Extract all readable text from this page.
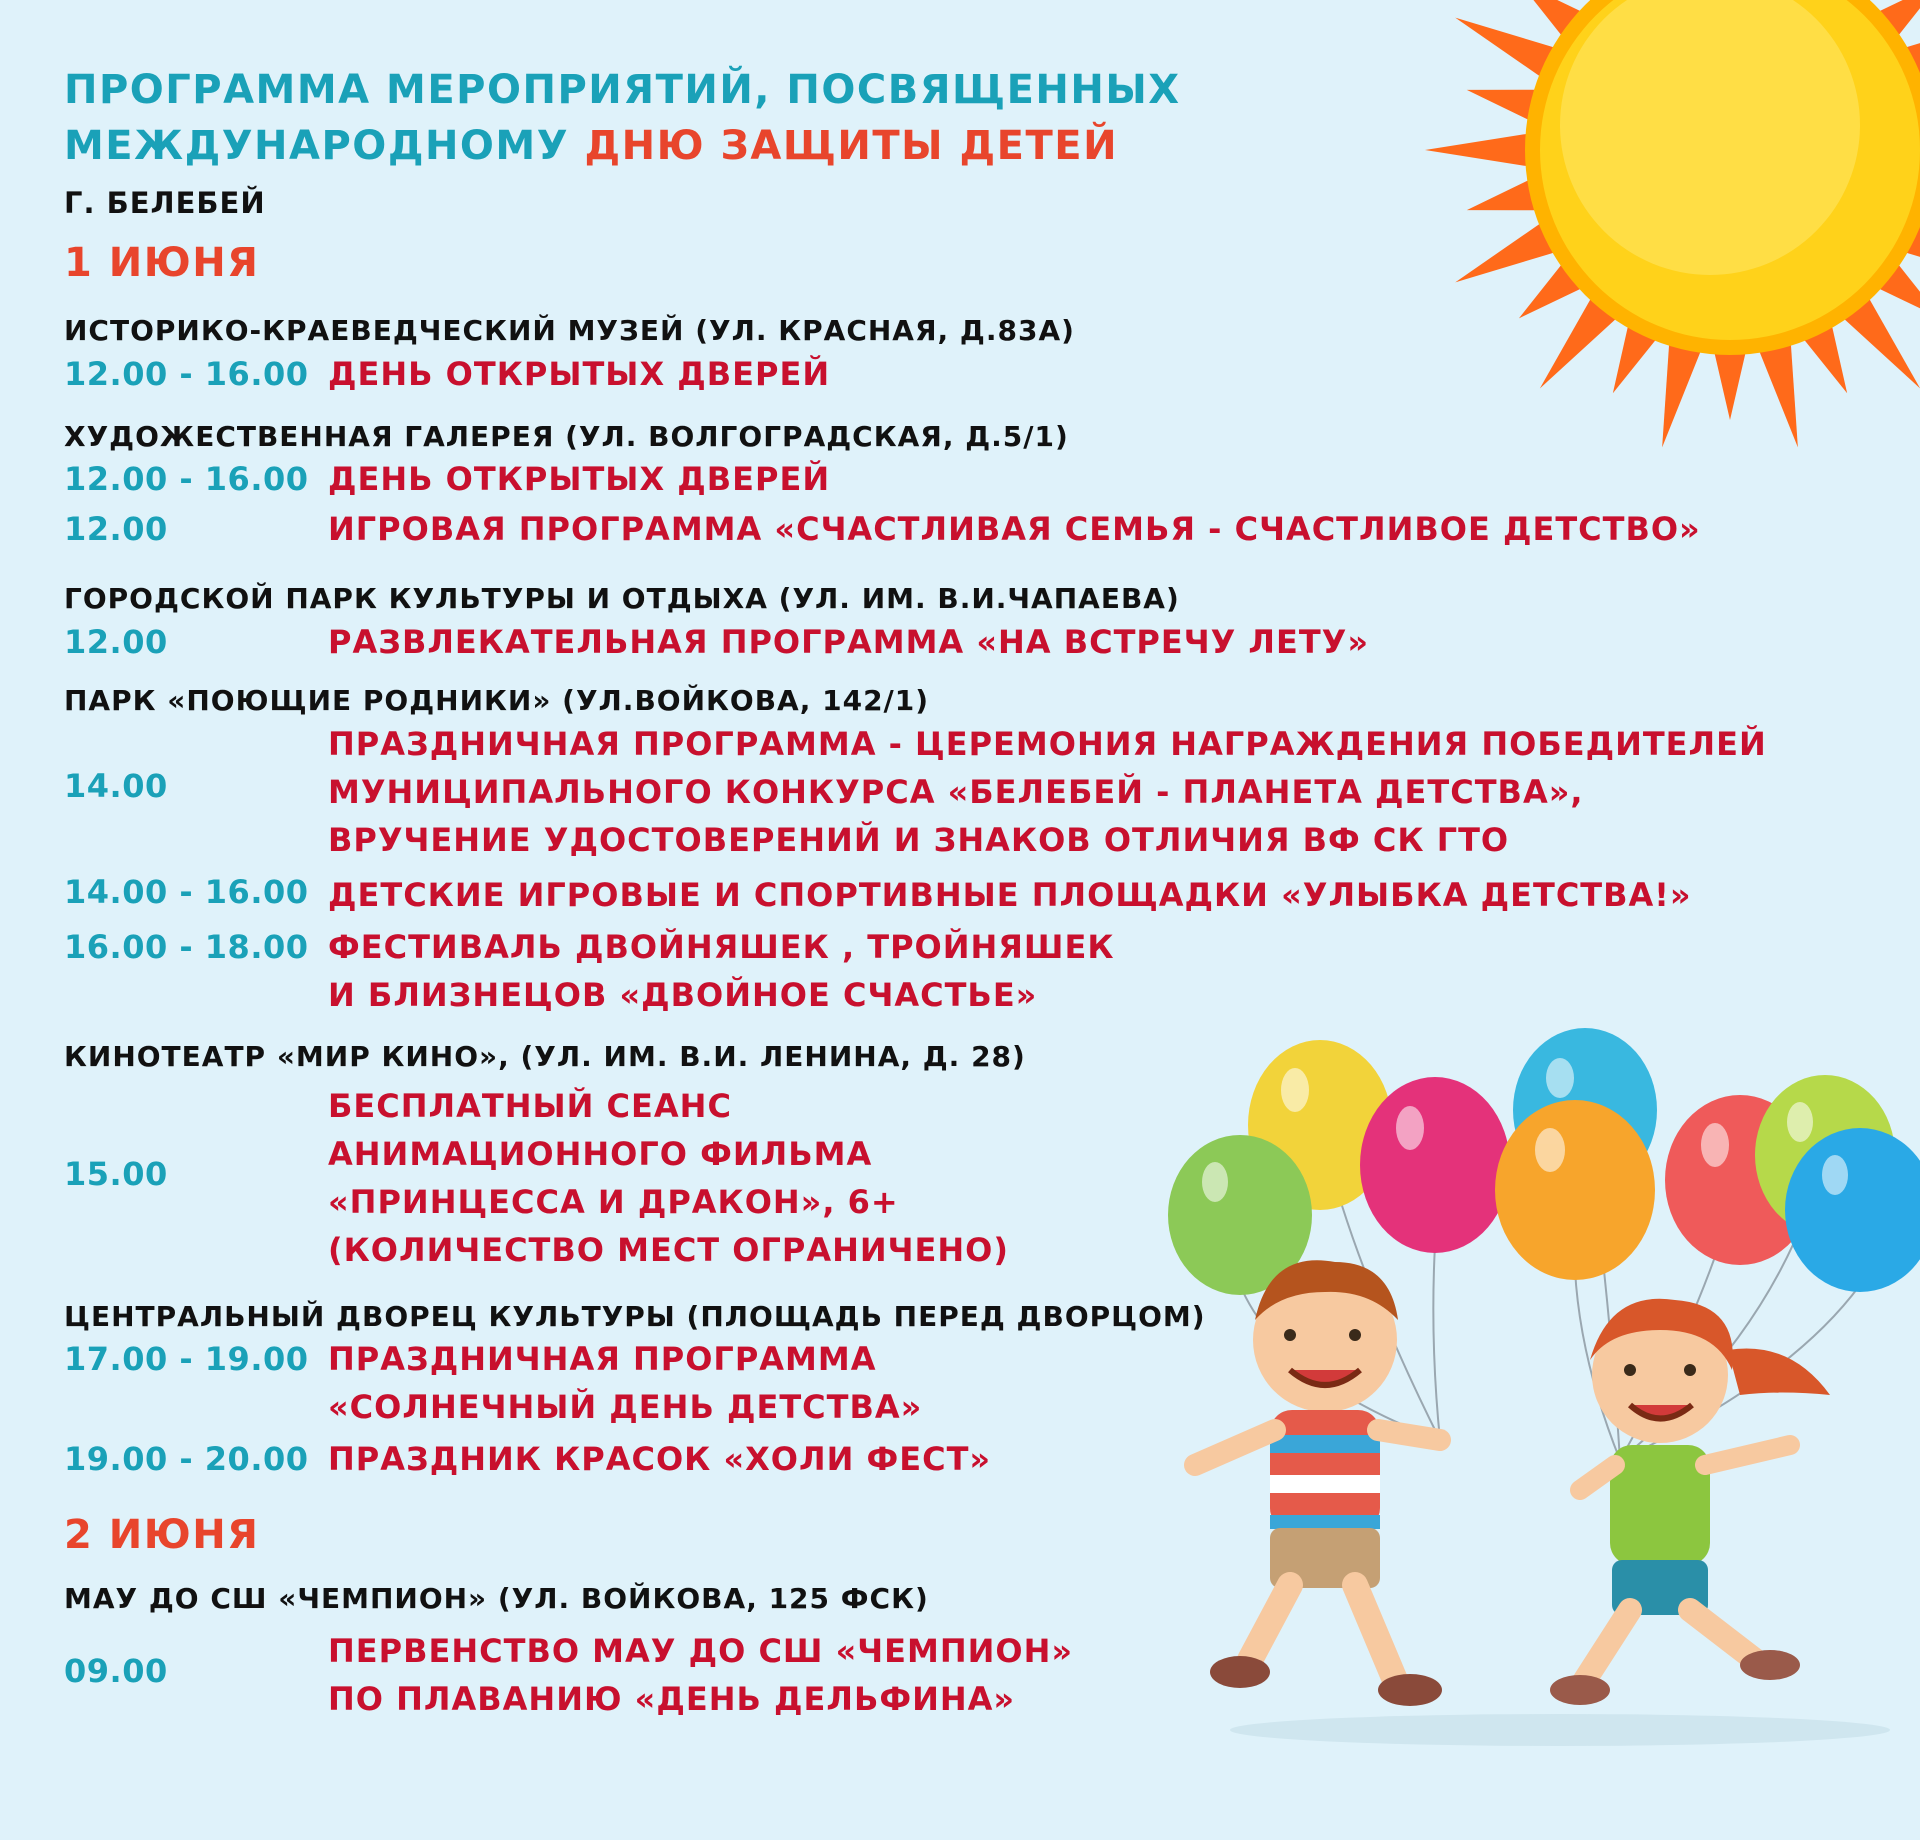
ПРОГРАММА МЕРОПРИЯТИЙ, ПОСВЯЩЕННЫХ
МЕЖДУНАРОДНОМУ ДНЮ ЗАЩИТЫ ДЕТЕЙ
Г. БЕЛЕБЕЙ
1 ИЮНЯ
ИСТОРИКО-КРАЕВЕДЧЕСКИЙ МУЗЕЙ (УЛ. КРАСНАЯ, Д.83А)
12.00 - 16.00 ДЕНЬ ОТКРЫТЫХ ДВЕРЕЙ
ХУДОЖЕСТВЕННАЯ ГАЛЕРЕЯ (УЛ. ВОЛГОГРАДСКАЯ, Д.5/1)
12.00 - 16.00 ДЕНЬ ОТКРЫТЫХ ДВЕРЕЙ
12.00	ИГРОВАЯ ПРОГРАММА «СЧАСТЛИВАЯ СЕМЬЯ - СЧАСТЛИВОЕ ДЕТСТВО»
ГОРОДСКОЙ ПАРК КУЛЬТУРЫ И ОТДЫХА (УЛ. ИМ. В.И.ЧАПАЕВА)
12.00	РАЗВЛЕКАТЕЛЬНАЯ ПРОГРАММА «НА ВСТРЕЧУ ЛЕТУ»
ПАРК «ПОЮЩИЕ РОДНИКИ» (УЛ.ВОЙКОВА, 142/1)
14.00
ПРАЗДНИЧНАЯ ПРОГРАММА - ЦЕРЕМОНИЯ НАГРАЖДЕНИЯ ПОБЕДИТЕЛЕЙ
МУНИЦИПАЛЬНОГО КОНКУРСА «БЕЛЕБЕЙ - ПЛАНЕТА ДЕТСТВА»,
ВРУЧЕНИЕ УДОСТОВЕРЕНИЙ И ЗНАКОВ ОТЛИЧИЯ ВФ СК ГТО
14.00 - 16.00 ДЕТСКИЕ ИГРОВЫЕ И СПОРТИВНЫЕ ПЛОЩАДКИ «УЛЫБКА ДЕТСТВА!»
16.00 - 18.00 ФЕСТИВАЛЬ ДВОЙНЯШЕК , ТРОЙНЯШЕК
И БЛИЗНЕЦОВ «ДВОЙНОЕ СЧАСТЬЕ»
КИНОТЕАТР «МИР КИНО», (УЛ. ИМ. В.И. ЛЕНИНА, Д. 28)
15.00
БЕСПЛАТНЫЙ СЕАНС
АНИМАЦИОННОГО ФИЛЬМА
«ПРИНЦЕССА И ДРАКОН», 6+
(КОЛИЧЕСТВО МЕСТ ОГРАНИЧЕНО)
ЦЕНТРАЛЬНЫЙ ДВОРЕЦ КУЛЬТУРЫ (ПЛОЩАДЬ ПЕРЕД ДВОРЦОМ)
17.00 - 19.00 ПРАЗДНИЧНАЯ ПРОГРАММА
«СОЛНЕЧНЫЙ ДЕНЬ ДЕТСТВА»
19.00 - 20.00 ПРАЗДНИК КРАСОК «ХОЛИ ФЕСТ»
2 ИЮНЯ
МАУ ДО СШ «ЧЕМПИОН» (УЛ. ВОЙКОВА, 125 ФСК)
09.00
ПЕРВЕНСТВО МАУ ДО СШ «ЧЕМПИОН»
ПО ПЛАВАНИЮ «ДЕНЬ ДЕЛЬФИНА»
